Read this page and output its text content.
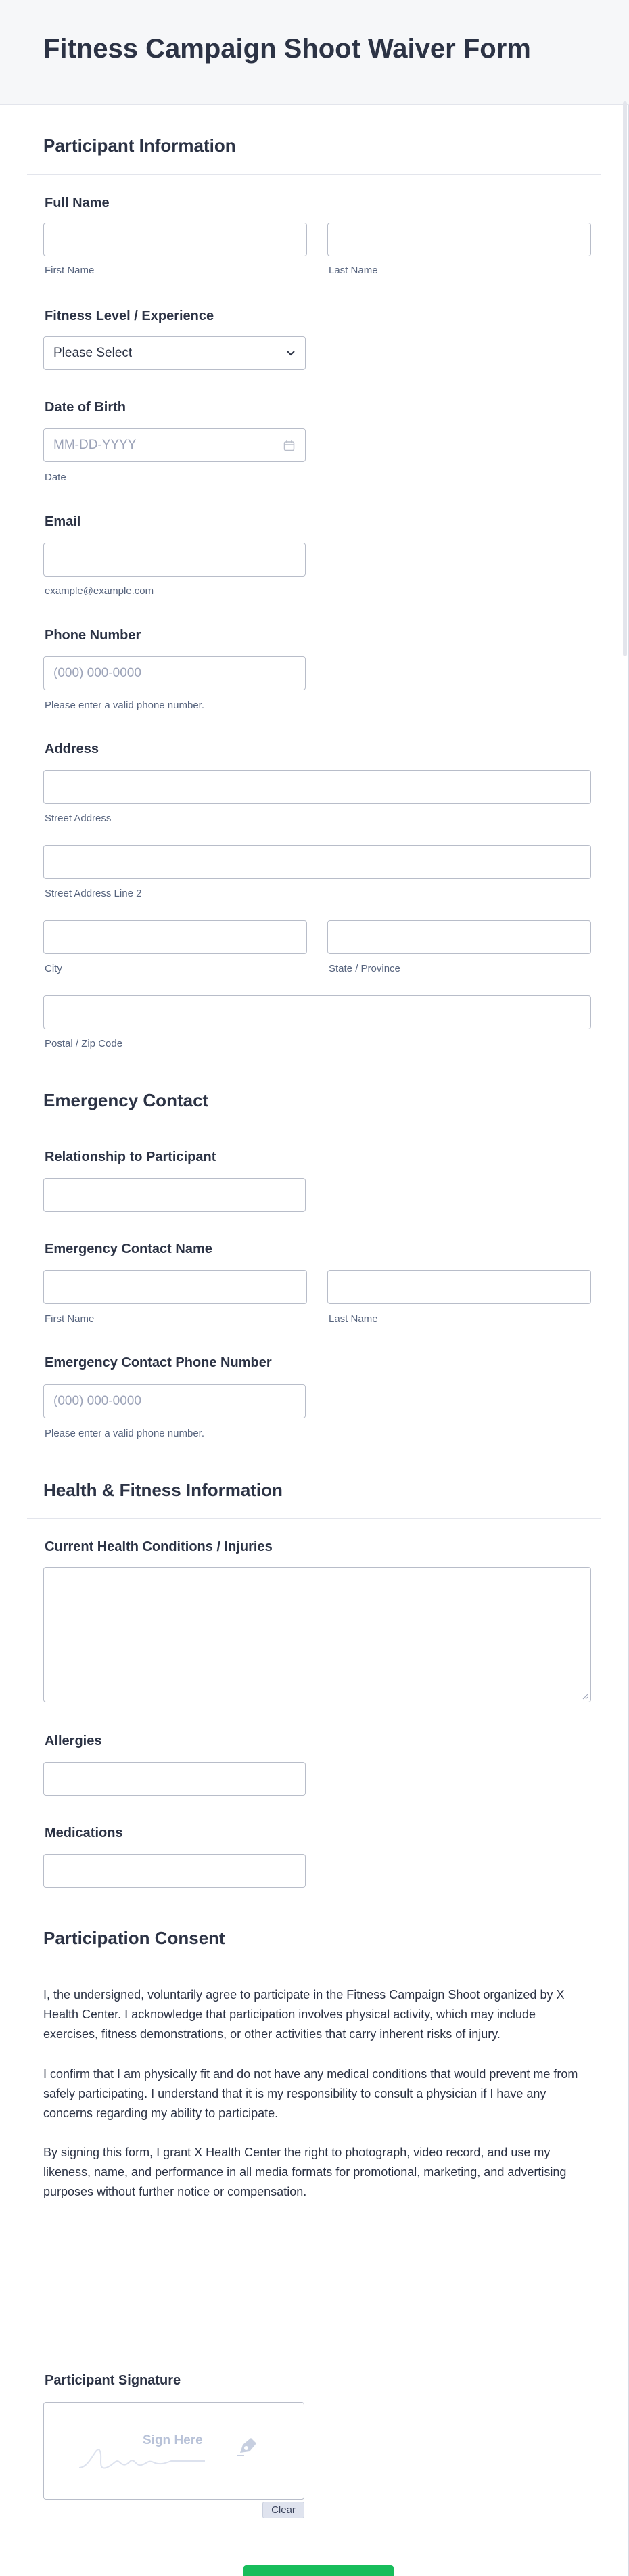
Fitness Campaign Shoot Waiver Form
Participant Information
Full Name
First Name	Last Name
Fitness Level / Experience
Please Select
Date of Birth
MM-DD-YYYY
Date
Email
example@example.com
Phone Number
(000) 000-0000
Please enter a valid phone number.
Address
Street Address
Street Address Line 2
City	State / Province
Postal / Zip Code
Emergency Contact
Relationship to Participant
Emergency Contact Name
First Name	Last Name
Emergency Contact Phone Number
(000) 000-0000
Please enter a valid phone number.
Health & Fitness Information
Current Health Conditions / Injuries
Allergies
Medications
Participation Consent
I, the undersigned, voluntarily agree to participate in the Fitness Campaign Shoot organized by X Health Center. I acknowledge that participation involves physical activity, which may include exercises, fitness demonstrations, or other activities that carry inherent risks of injury.
I confirm that I am physically fit and do not have any medical conditions that would prevent me from safely participating. I understand that it is my responsibility to consult a physician if I have any concerns regarding my ability to participate.
By signing this form, I grant X Health Center the right to photograph, video record, and use my likeness, name, and performance in all media formats for promotional, marketing, and advertising purposes without further notice or compensation.
Participant Signature
Sign Here
Clear
